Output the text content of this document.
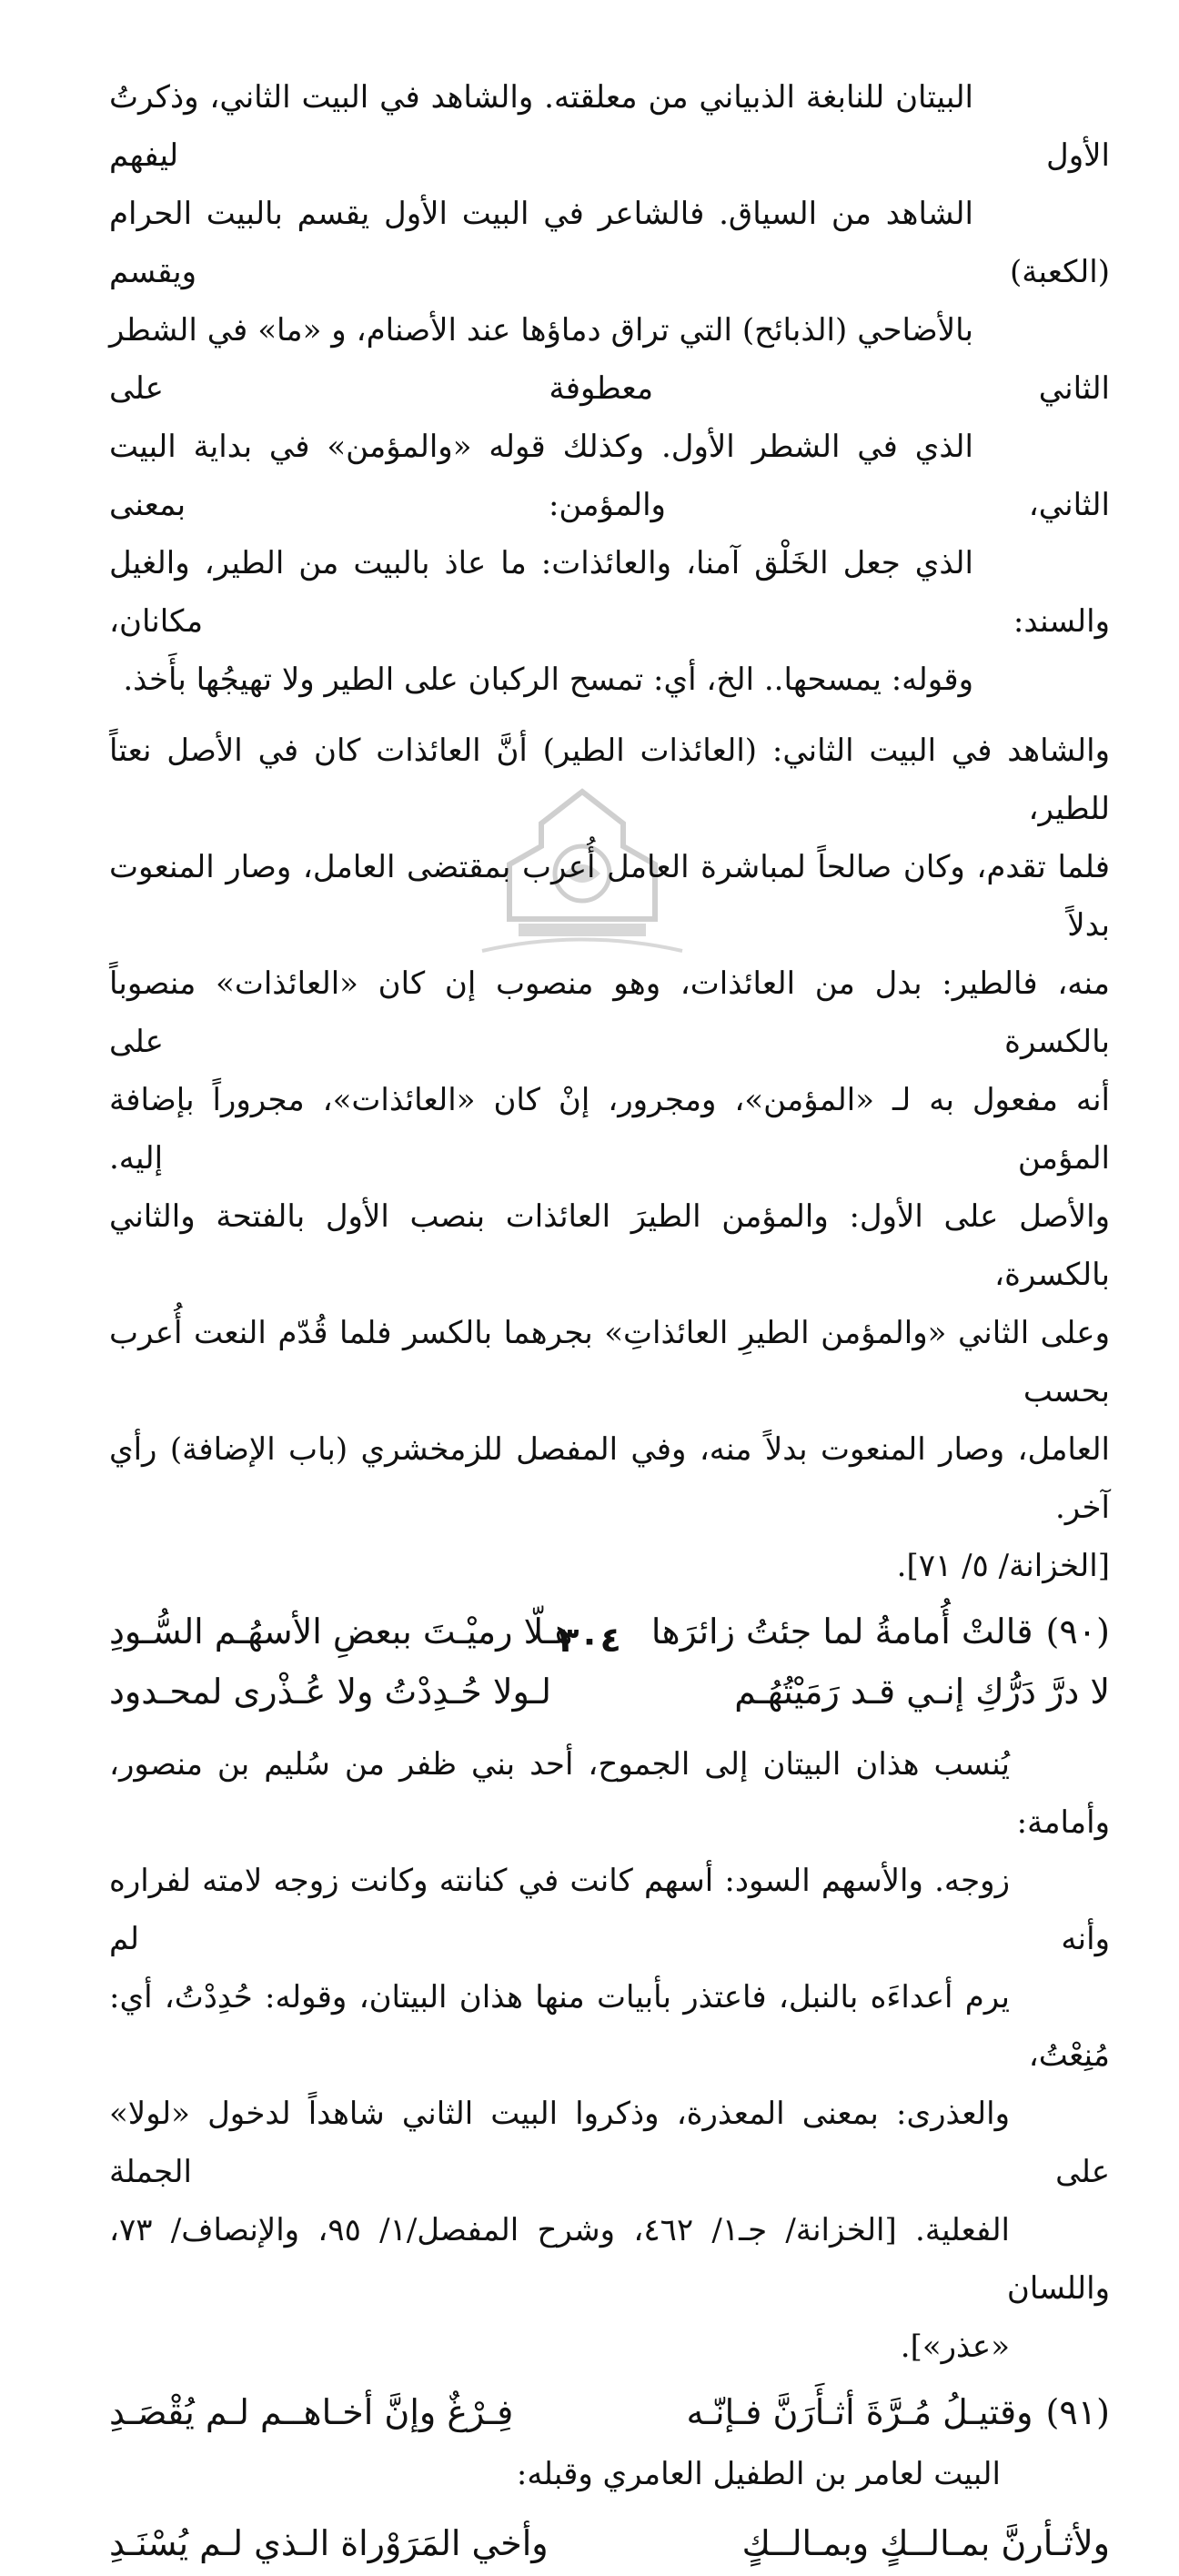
البيتان للنابغة الذبياني من معلقته. والشاهد في البيت الثاني، وذكرتُ الأول ليفهم
الشاهد من السياق. فالشاعر في البيت الأول يقسم بالبيت الحرام (الكعبة) ويقسم
بالأضاحي (الذبائح) التي تراق دماؤها عند الأصنام، و «ما» في الشطر الثاني معطوفة على
الذي في الشطر الأول. وكذلك قوله «والمؤمن» في بداية البيت الثاني، والمؤمن: بمعنى
الذي جعل الخَلْق آمنا، والعائذات: ما عاذ بالبيت من الطير، والغيل والسند: مكانان،
وقوله: يمسحها.. الخ، أي: تمسح الركبان على الطير ولا تهيجُها بأَخذ.
والشاهد في البيت الثاني: (العائذات الطير) أنَّ العائذات كان في الأصل نعتاً للطير،
فلما تقدم، وكان صالحاً لمباشرة العامل أُعرب بمقتضى العامل، وصار المنعوت بدلاً
منه، فالطير: بدل من العائذات، وهو منصوب إن كان «العائذات» منصوباً بالكسرة على
أنه مفعول به لـ «المؤمن»، ومجرور، إنْ كان «العائذات»، مجروراً بإضافة المؤمن إليه.
والأصل على الأول: والمؤمن الطيرَ العائذات بنصب الأول بالفتحة والثاني بالكسرة،
وعلى الثاني «والمؤمن الطيرِ العائذاتِ» بجرهما بالكسر فلما قُدّم النعت أُعرب بحسب
العامل، وصار المنعوت بدلاً منه، وفي المفصل للزمخشري (باب الإضافة) رأي آخر.
[الخزانة/ ٥/ ٧١].
(٩٠)قالتْ أُمامةُ لما جئتُ زائرَها
هـلّا رميْـتَ ببعضِ الأسهُـم السُّـودِ
لا درَّ دَرُّكِ إنـي قـد رَمَيْتُهُـم
لـولا حُـدِدْتُ ولا عُـذْرى لمحـدود
يُنسب هذان البيتان إلى الجموح، أحد بني ظفر من سُليم بن منصور، وأمامة:
زوجه. والأسهم السود: أسهم كانت في كنانته وكانت زوجه لامته لفراره وأنه لم
يرم أعداءَه بالنبل، فاعتذر بأبيات منها هذان البيتان، وقوله: حُدِدْتُ، أي: مُنِعْتُ،
والعذرى: بمعنى المعذرة، وذكروا البيت الثاني شاهداً لدخول «لولا» على الجملة
الفعلية. [الخزانة/ جـ١/ ٤٦٢، وشرح المفصل/١/ ٩٥، والإنصاف/ ٧٣، واللسان
«عذر»].
(٩١)وقتيـلُ مُـرَّةَ أثـأَرَنَّ فـإنّـه
فِـرْغٌ وإنَّ أخـاهــم لـم يُقْصَـدِ
البيت لعامر بن الطفيل العامري وقبله:
ولأثـأرنَّ بمـالــكٍ وبمـالــكٍ
وأخي المَرَوْراة الـذي لـم يُسْنَـدِ
٣٠٤
